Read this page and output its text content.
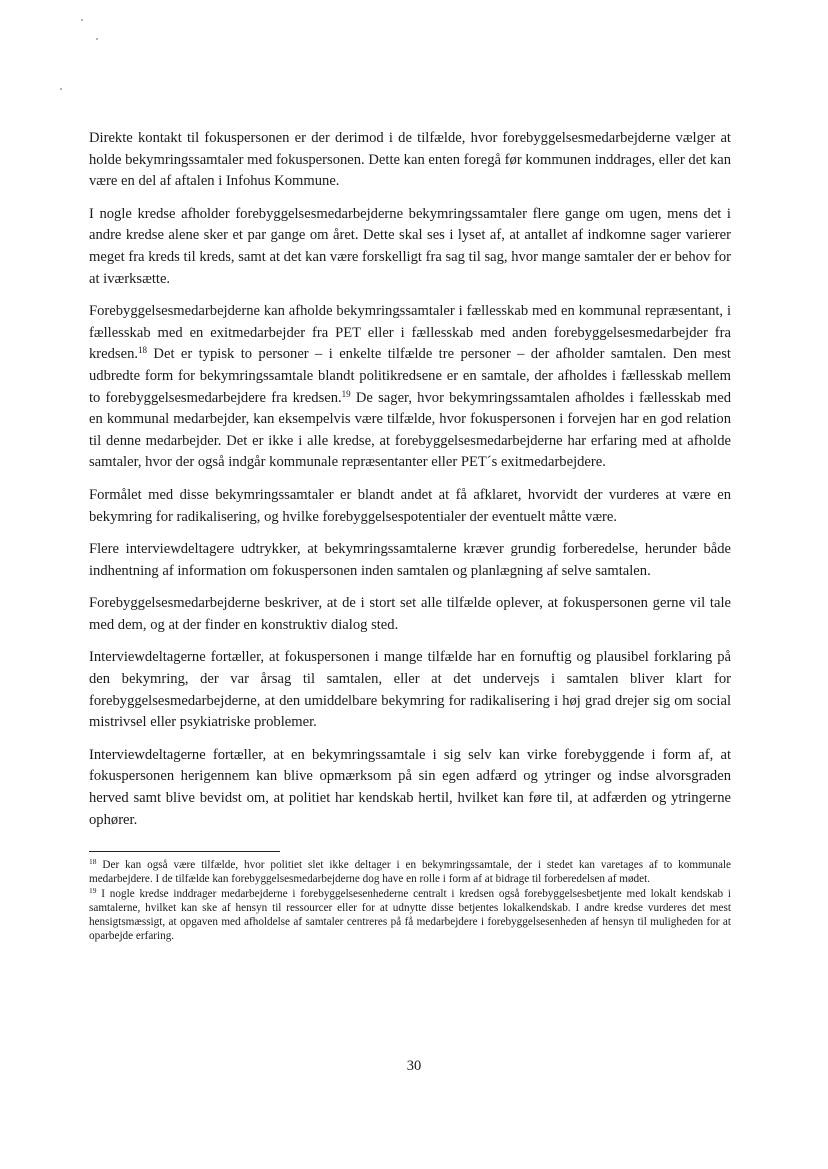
Direkte kontakt til fokuspersonen er der derimod i de tilfælde, hvor forebyggelsesmedarbejderne vælger at holde bekymringssamtaler med fokuspersonen. Dette kan enten foregå før kommunen inddrages, eller det kan være en del af aftalen i Infohus Kommune.

I nogle kredse afholder forebyggelsesmedarbejderne bekymringssamtaler flere gange om ugen, mens det i andre kredse alene sker et par gange om året. Dette skal ses i lyset af, at antallet af indkomne sager varierer meget fra kreds til kreds, samt at det kan være forskelligt fra sag til sag, hvor mange samtaler der er behov for at iværksætte.

Forebyggelsesmedarbejderne kan afholde bekymringssamtaler i fællesskab med en kommunal repræsentant, i fællesskab med en exitmedarbejder fra PET eller i fællesskab med anden forebyggelsesmedarbejder fra kredsen.$^{18}$ Det er typisk to personer – i enkelte tilfælde tre personer – der afholder samtalen. Den mest udbredte form for bekymringssamtale blandt politikredsene er en samtale, der afholdes i fællesskab mellem to forebyggelsesmedarbejdere fra kredsen.$^{19}$ De sager, hvor bekymringssamtalen afholdes i fællesskab med en kommunal medarbejder, kan eksempelvis være tilfælde, hvor fokuspersonen i forvejen har en god relation til denne medarbejder. Det er ikke i alle kredse, at forebyggelsesmedarbejderne har erfaring med at afholde samtaler, hvor der også indgår kommunale repræsentanter eller PET´s exitmedarbejdere.

Formålet med disse bekymringssamtaler er blandt andet at få afklaret, hvorvidt der vurderes at være en bekymring for radikalisering, og hvilke forebyggelsespotentialer der eventuelt måtte være.

Flere interviewdeltagere udtrykker, at bekymringssamtalerne kræver grundig forberedelse, herunder både indhentning af information om fokuspersonen inden samtalen og planlægning af selve samtalen.

Forebyggelsesmedarbejderne beskriver, at de i stort set alle tilfælde oplever, at fokuspersonen gerne vil tale med dem, og at der finder en konstruktiv dialog sted.

Interviewdeltagerne fortæller, at fokuspersonen i mange tilfælde har en fornuftig og plausibel forklaring på den bekymring, der var årsag til samtalen, eller at det undervejs i samtalen bliver klart for forebyggelsesmedarbejderne, at den umiddelbare bekymring for radikalisering i høj grad drejer sig om social mistrivsel eller psykiatriske problemer.

Interviewdeltagerne fortæller, at en bekymringssamtale i sig selv kan virke forebyggende i form af, at fokuspersonen herigennem kan blive opmærksom på sin egen adfærd og ytringer og indse alvorsgraden herved samt blive bevidst om, at politiet har kendskab hertil, hvilket kan føre til, at adfærden og ytringerne ophører.

$^{18}$ Der kan også være tilfælde, hvor politiet slet ikke deltager i en bekymringssamtale, der i stedet kan varetages af to kommunale medarbejdere. I de tilfælde kan forebyggelsesmedarbejderne dog have en rolle i form af at bidrage til forberedelsen af mødet.

$^{19}$ I nogle kredse inddrager medarbejderne i forebyggelsesenhederne centralt i kredsen også forebyggelsesbetjente med lokalt kendskab i samtalerne, hvilket kan ske af hensyn til ressourcer eller for at udnytte disse betjentes lokalkendskab. I andre kredse vurderes det mest hensigtsmæssigt, at opgaven med afholdelse af samtaler centreres på få medarbejdere i forebyggelsesenheden af hensyn til muligheden for at oparbejde erfaring.

30
